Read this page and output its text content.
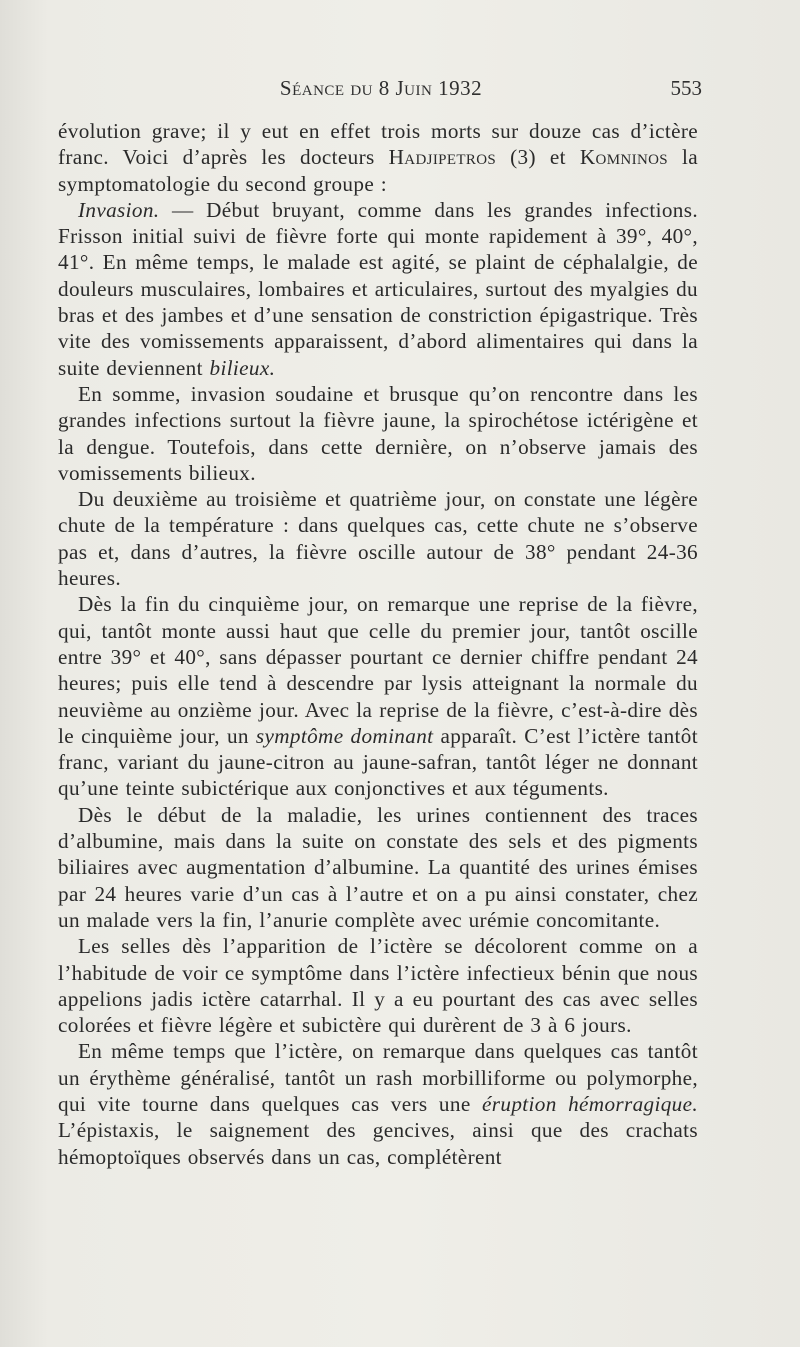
Séance du 8 Juin 1932	553

évolution grave; il y eut en effet trois morts sur douze cas d’ictère franc. Voici d’après les docteurs Hadjipetros (3) et Komninos la symptomatologie du second groupe :

Invasion. — Début bruyant, comme dans les grandes infections. Frisson initial suivi de fièvre forte qui monte rapidement à 39°, 40°, 41°. En même temps, le malade est agité, se plaint de céphalalgie, de douleurs musculaires, lombaires et articulaires, surtout des myalgies du bras et des jambes et d’une sensation de constriction épigastrique. Très vite des vomissements apparaissent, d’abord alimentaires qui dans la suite deviennent bilieux.

En somme, invasion soudaine et brusque qu’on rencontre dans les grandes infections surtout la fièvre jaune, la spirochétose ictérigène et la dengue. Toutefois, dans cette dernière, on n’observe jamais des vomissements bilieux.

Du deuxième au troisième et quatrième jour, on constate une légère chute de la température : dans quelques cas, cette chute ne s’observe pas et, dans d’autres, la fièvre oscille autour de 38° pendant 24-36 heures.

Dès la fin du cinquième jour, on remarque une reprise de la fièvre, qui, tantôt monte aussi haut que celle du premier jour, tantôt oscille entre 39° et 40°, sans dépasser pourtant ce dernier chiffre pendant 24 heures; puis elle tend à descendre par lysis atteignant la normale du neuvième au onzième jour. Avec la reprise de la fièvre, c’est-à-dire dès le cinquième jour, un symptôme dominant apparaît. C’est l’ictère tantôt franc, variant du jaune-citron au jaune-safran, tantôt léger ne donnant qu’une teinte subictérique aux conjonctives et aux téguments.

Dès le début de la maladie, les urines contiennent des traces d’albumine, mais dans la suite on constate des sels et des pigments biliaires avec augmentation d’albumine. La quantité des urines émises par 24 heures varie d’un cas à l’autre et on a pu ainsi constater, chez un malade vers la fin, l’anurie complète avec urémie concomitante.

Les selles dès l’apparition de l’ictère se décolorent comme on a l’habitude de voir ce symptôme dans l’ictère infectieux bénin que nous appelions jadis ictère catarrhal. Il y a eu pourtant des cas avec selles colorées et fièvre légère et subictère qui durèrent de 3 à 6 jours.

En même temps que l’ictère, on remarque dans quelques cas tantôt un érythème généralisé, tantôt un rash morbilliforme ou polymorphe, qui vite tourne dans quelques cas vers une éruption hémorragique. L’épistaxis, le saignement des gencives, ainsi que des crachats hémoptoïques observés dans un cas, complétèrent
